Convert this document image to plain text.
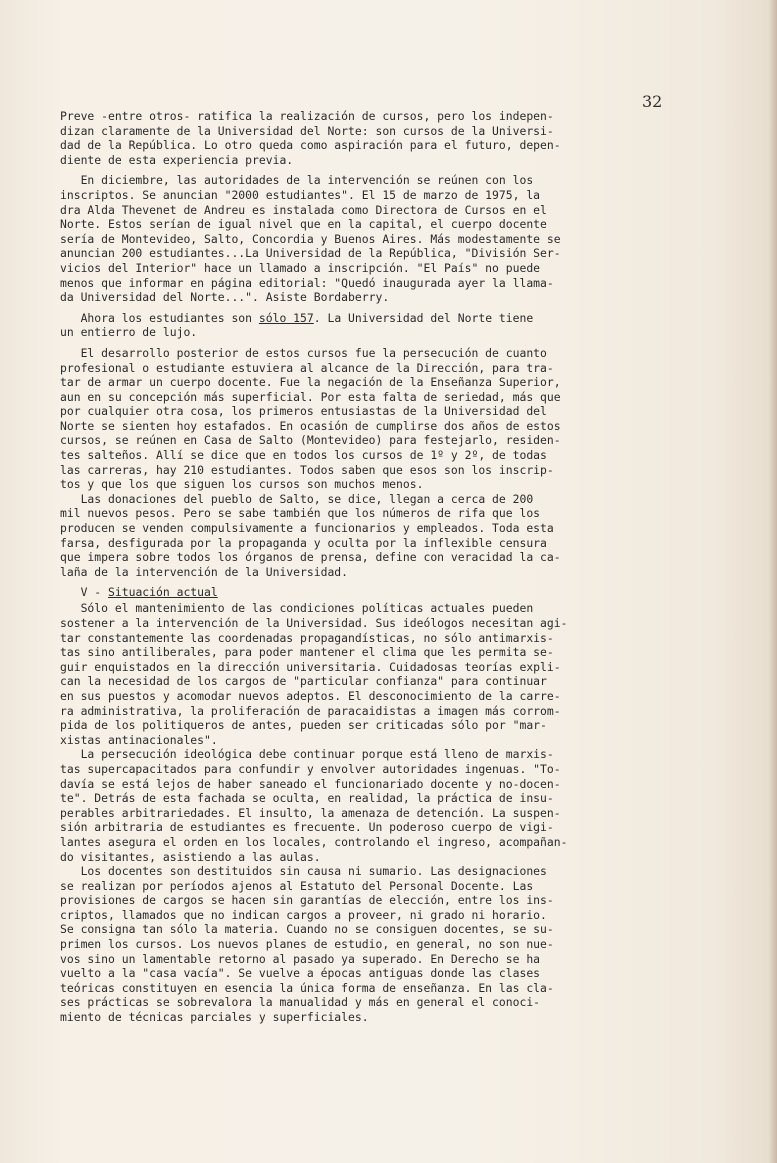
32
Preve -entre otros- ratifica la realización de cursos, pero los indepen-
dizan claramente de la Universidad del Norte: son cursos de la Universi-
dad de la República. Lo otro queda como aspiración para el futuro, depen-
diente de esta experiencia previa.
En diciembre, las autoridades de la intervención se reúnen con los
inscriptos. Se anuncian "2000 estudiantes". El 15 de marzo de 1975, la
dra Alda Thevenet de Andreu es instalada como Directora de Cursos en el
Norte. Estos serían de igual nivel que en la capital, el cuerpo docente
sería de Montevideo, Salto, Concordia y Buenos Aires. Más modestamente se
anuncian 200 estudiantes...La Universidad de la República, "División Ser-
vicios del Interior" hace un llamado a inscripción. "El País" no puede
menos que informar en página editorial: "Quedó inaugurada ayer la llama-
da Universidad del Norte...". Asiste Bordaberry.
Ahora los estudiantes son sólo 157. La Universidad del Norte tiene
un entierro de lujo.
El desarrollo posterior de estos cursos fue la persecución de cuanto
profesional o estudiante estuviera al alcance de la Dirección, para tra-
tar de armar un cuerpo docente. Fue la negación de la Enseñanza Superior,
aun en su concepción más superficial. Por esta falta de seriedad, más que
por cualquier otra cosa, los primeros entusiastas de la Universidad del
Norte se sienten hoy estafados. En ocasión de cumplirse dos años de estos
cursos, se reúnen en Casa de Salto (Montevideo) para festejarlo, residen-
tes salteños. Allí se dice que en todos los cursos de 1º y 2º, de todas
las carreras, hay 210 estudiantes. Todos saben que esos son los inscrip-
tos y que los que siguen los cursos son muchos menos.
Las donaciones del pueblo de Salto, se dice, llegan a cerca de 200
mil nuevos pesos. Pero se sabe también que los números de rifa que los
producen se venden compulsivamente a funcionarios y empleados. Toda esta
farsa, desfigurada por la propaganda y oculta por la inflexible censura
que impera sobre todos los órganos de prensa, define con veracidad la ca-
laña de la intervención de la Universidad.
V - Situación actual
Sólo el mantenimiento de las condiciones políticas actuales pueden
sostener a la intervención de la Universidad. Sus ideólogos necesitan agi-
tar constantemente las coordenadas propagandísticas, no sólo antimarxis-
tas sino antiliberales, para poder mantener el clima que les permita se-
guir enquistados en la dirección universitaria. Cuidadosas teorías expli-
can la necesidad de los cargos de "particular confianza" para continuar
en sus puestos y acomodar nuevos adeptos. El desconocimiento de la carre-
ra administrativa, la proliferación de paracaidistas a imagen más corrom-
pida de los politiqueros de antes, pueden ser criticadas sólo por "mar-
xistas antinacionales".
La persecución ideológica debe continuar porque está lleno de marxis-
tas supercapacitados para confundir y envolver autoridades ingenuas. "To-
davía se está lejos de haber saneado el funcionariado docente y no-docen-
te". Detrás de esta fachada se oculta, en realidad, la práctica de insu-
perables arbitrariedades. El insulto, la amenaza de detención. La suspen-
sión arbitraria de estudiantes es frecuente. Un poderoso cuerpo de vigi-
lantes asegura el orden en los locales, controlando el ingreso, acompañan-
do visitantes, asistiendo a las aulas.
Los docentes son destituidos sin causa ni sumario. Las designaciones
se realizan por períodos ajenos al Estatuto del Personal Docente. Las
provisiones de cargos se hacen sin garantías de elección, entre los ins-
criptos, llamados que no indican cargos a proveer, ni grado ni horario.
Se consigna tan sólo la materia. Cuando no se consiguen docentes, se su-
primen los cursos. Los nuevos planes de estudio, en general, no son nue-
vos sino un lamentable retorno al pasado ya superado. En Derecho se ha
vuelto a la "casa vacía". Se vuelve a épocas antiguas donde las clases
teóricas constituyen en esencia la única forma de enseñanza. En las cla-
ses prácticas se sobrevalora la manualidad y más en general el conoci-
miento de técnicas parciales y superficiales.
